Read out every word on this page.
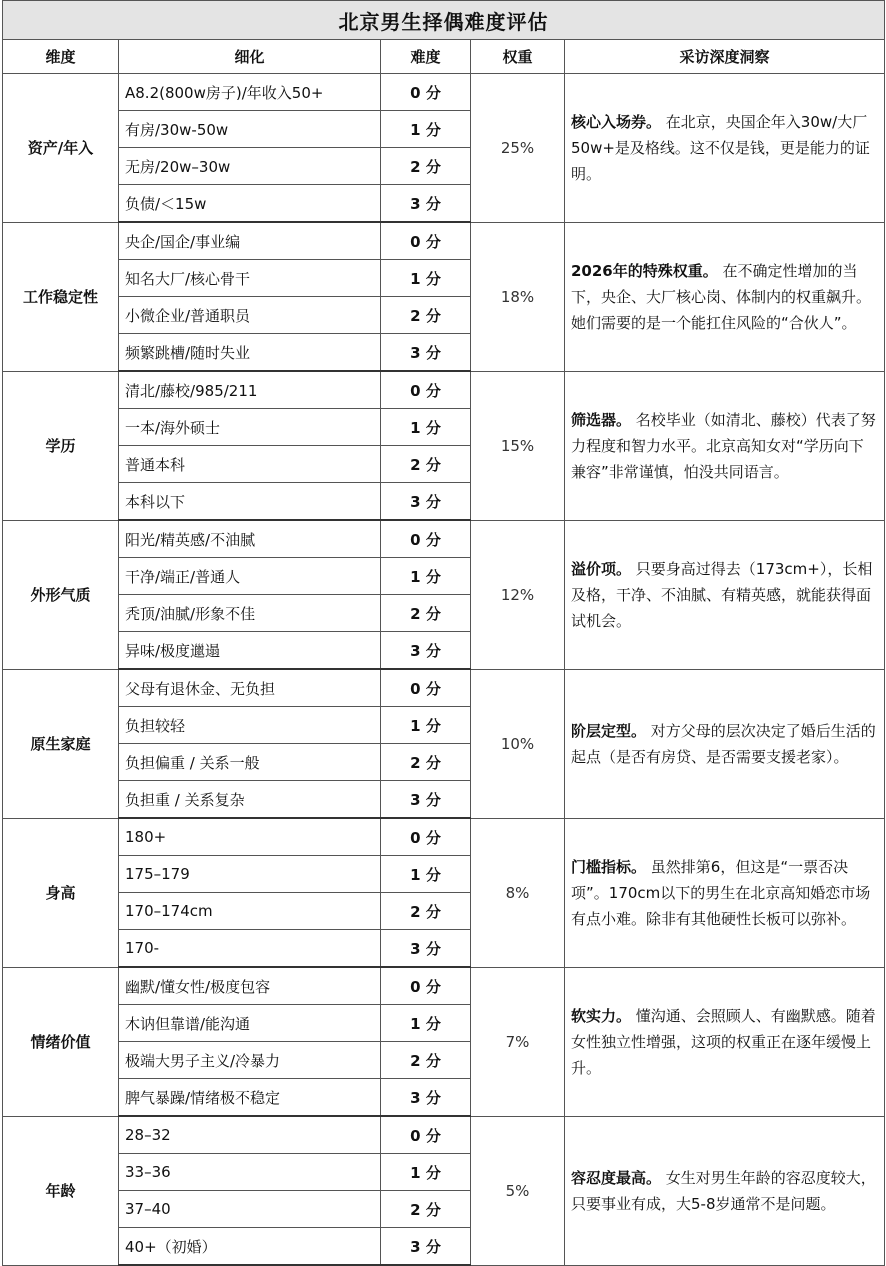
北京男生择偶难度评估				
维度	细化	难度	权重	采访深度洞察
资产/年入	A8.2(800w房子)/年收入50+	0 分	25%	核心入场券。 在北京，央国企年入30w/大厂50w+是及格线。这不仅是钱，更是能力的证明。
	有房/30w-50w	1 分		
	无房/20w–30w	2 分		
	负债/＜15w	3 分		
工作稳定性	央企/国企/事业编	0 分	18%	2026年的特殊权重。 在不确定性增加的当下，央企、大厂核心岗、体制内的权重飙升。她们需要的是一个能扛住风险的“合伙人”。
	知名大厂/核心骨干	1 分		
	小微企业/普通职员	2 分		
	频繁跳槽/随时失业	3 分		
学历	清北/藤校/985/211	0 分	15%	筛选器。 名校毕业（如清北、藤校）代表了努力程度和智力水平。北京高知女对“学历向下兼容”非常谨慎，怕没共同语言。
	一本/海外硕士	1 分		
	普通本科	2 分		
	本科以下	3 分		
外形气质	阳光/精英感/不油腻	0 分	12%	溢价项。 只要身高过得去（173cm+），长相及格，干净、不油腻、有精英感，就能获得面试机会。
	干净/端正/普通人	1 分		
	秃顶/油腻/形象不佳	2 分		
	异味/极度邋遢	3 分		
原生家庭	父母有退休金、无负担	0 分	10%	阶层定型。 对方父母的层次决定了婚后生活的起点（是否有房贷、是否需要支援老家）。
	负担较轻	1 分		
	负担偏重 / 关系一般	2 分		
	负担重 / 关系复杂	3 分		
身高	180+	0 分	8%	门槛指标。 虽然排第6，但这是“一票否决项”。170cm以下的男生在北京高知婚恋市场有点小难。除非有其他硬性长板可以弥补。
	175–179	1 分		
	170–174cm	2 分		
	170-	3 分		
情绪价值	幽默/懂女性/极度包容	0 分	7%	软实力。 懂沟通、会照顾人、有幽默感。随着女性独立性增强，这项的权重正在逐年缓慢上升。
	木讷但靠谱/能沟通	1 分		
	极端大男子主义/冷暴力	2 分		
	脾气暴躁/情绪极不稳定	3 分		
年龄	28–32	0 分	5%	容忍度最高。 女生对男生年龄的容忍度较大，只要事业有成，大5-8岁通常不是问题。
	33–36	1 分		
	37–40	2 分		
	40+（初婚）	3 分		
